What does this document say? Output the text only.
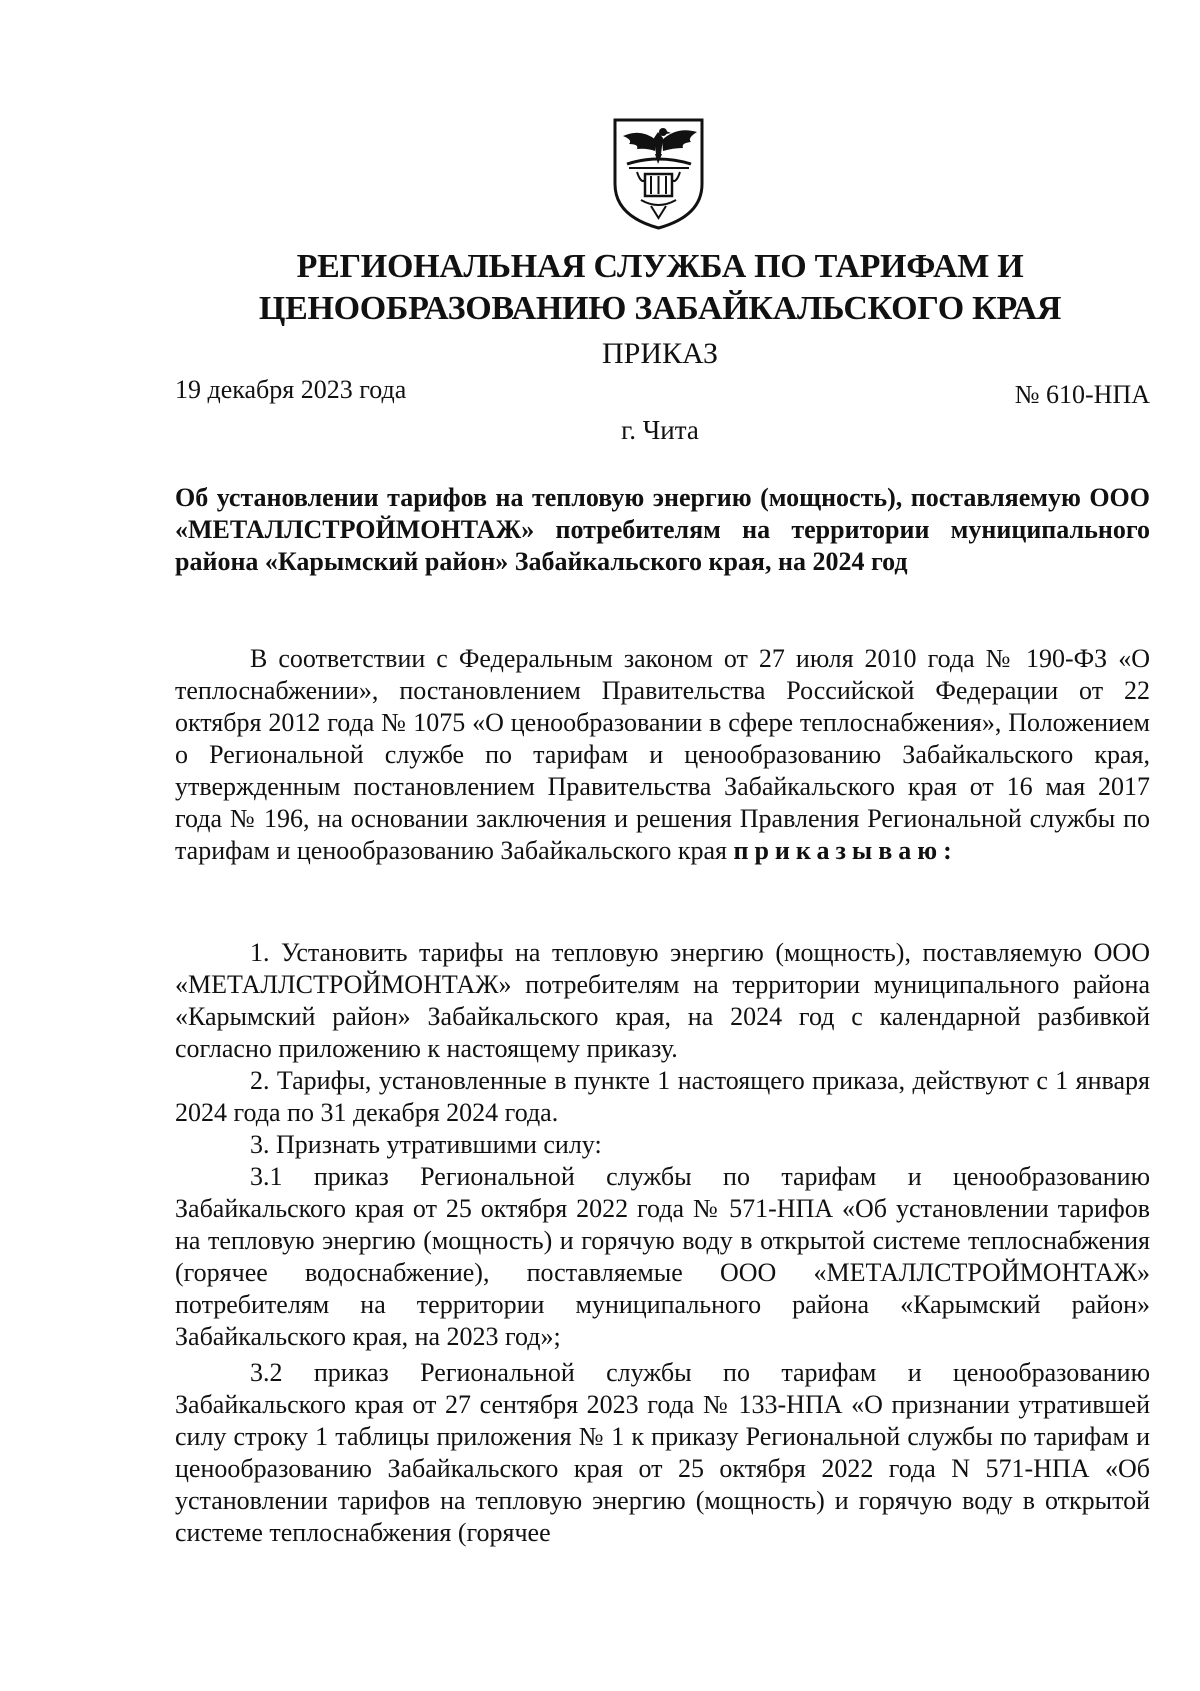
РЕГИОНАЛЬНАЯ СЛУЖБА ПО ТАРИФАМ И
ЦЕНООБРАЗОВАНИЮ ЗАБАЙКАЛЬСКОГО КРАЯ
ПРИКАЗ
19 декабря 2023 года	№ 610-НПА
г. Чита
Об установлении тарифов на тепловую энергию (мощность), поставляемую ООО «МЕТАЛЛСТРОЙМОНТАЖ» потребителям на территории муниципального района «Карымский район» Забайкальского края, на 2024 год
В соответствии с Федеральным законом от 27 июля 2010 года № 190-ФЗ «О теплоснабжении», постановлением Правительства Российской Федерации от 22 октября 2012 года № 1075 «О ценообразовании в сфере теплоснабжения», Положением о Региональной службе по тарифам и ценообразованию Забайкальского края, утвержденным постановлением Правительства Забайкальского края от 16 мая 2017 года № 196, на основании заключения и решения Правления Региональной службы по тарифам и ценообразованию Забайкальского края приказываю:

1. Установить тарифы на тепловую энергию (мощность), поставляемую ООО «МЕТАЛЛСТРОЙМОНТАЖ» потребителям на территории муниципального района «Карымский район» Забайкальского края, на 2024 год с календарной разбивкой согласно приложению к настоящему приказу.

2. Тарифы, установленные в пункте 1 настоящего приказа, действуют с 1 января 2024 года по 31 декабря 2024 года.

3. Признать утратившими силу:

3.1 приказ Региональной службы по тарифам и ценообразованию Забайкальского края от 25 октября 2022 года № 571-НПА «Об установлении тарифов на тепловую энергию (мощность) и горячую воду в открытой системе теплоснабжения (горячее водоснабжение), поставляемые ООО «МЕТАЛЛСТРОЙМОНТАЖ» потребителям на территории муниципального района «Карымский район» Забайкальского края, на 2023 год»;

3.2 приказ Региональной службы по тарифам и ценообразованию Забайкальского края от 27 сентября 2023 года № 133-НПА «О признании утратившей силу строку 1 таблицы приложения № 1 к приказу Региональной службы по тарифам и ценообразованию Забайкальского края от 25 октября 2022 года N 571-НПА «Об установлении тарифов на тепловую энергию (мощность) и горячую воду в открытой системе теплоснабжения (горячее
